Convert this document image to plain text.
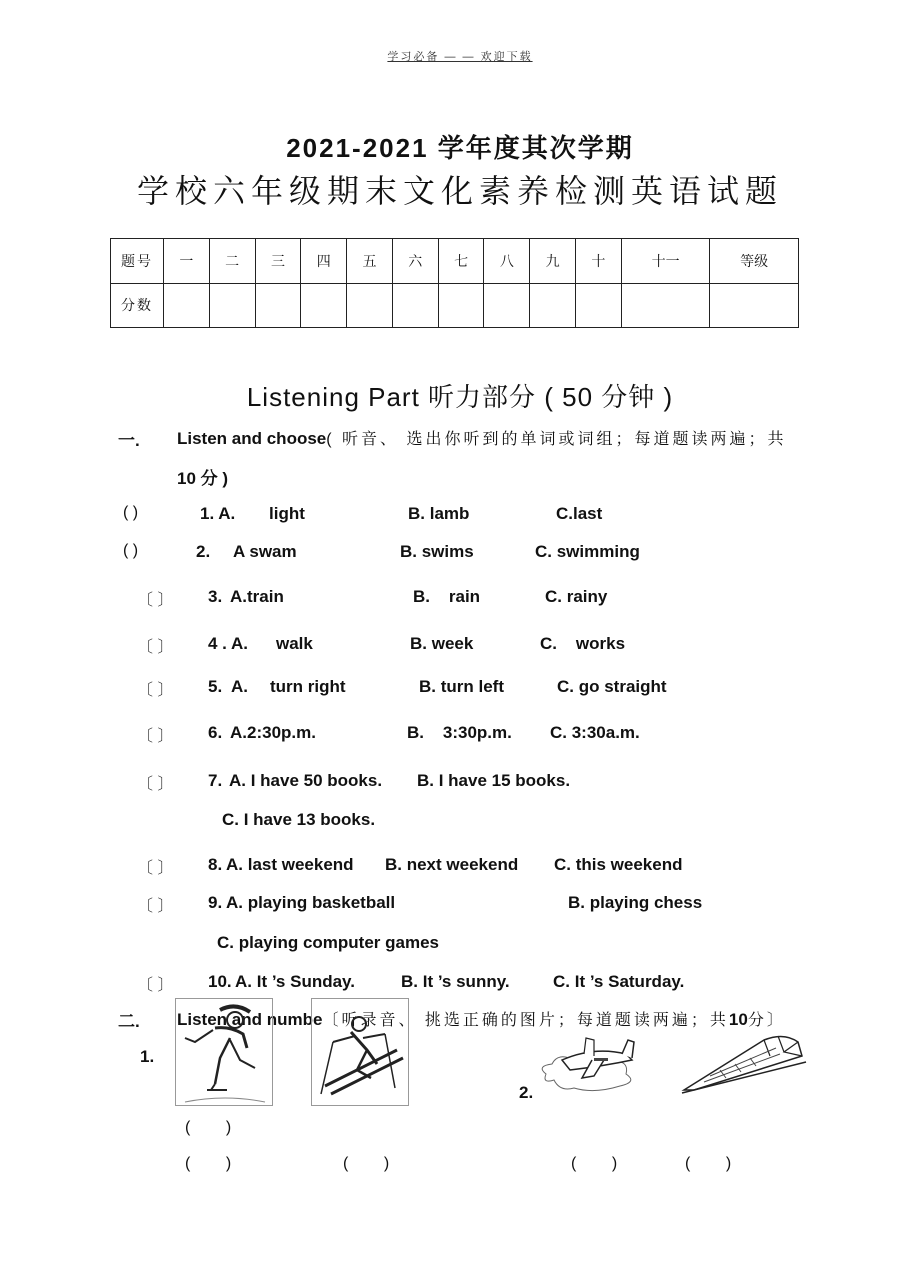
学习必备 — — 欢迎下载
2021-2021 学年度其次学期
学校六年级期末文化素养检测英语试题
题号	一	二	三	四	五	六	七	八	九	十	十一	等级
分数												
Listening Part 听力部分 ( 50 分钟 )
一. Listen and choose( 听音、 选出你听到的单词或词组；每道题读两遍；共
10 分 )
( )	1. A. light	B. lamb	C.last
( )	2. A swam	B. swims	C. swimming
〔 〕 3. A.train	B.    rain	C. rainy
〔 〕 4 . A. walk	B. week	C.    works
〔 〕 5.  A. turn right	B. turn left	C. go straight
〔 〕 6. A.2:30p.m.	B.    3:30p.m. C. 3:30a.m.
〔 〕 7. A. I have 50 books. B. I have 15 books.
C. I have 13 books.
〔 〕 8. A. last weekend B. next weekend C. this weekend
〔 〕 9. A. playing basketball	B. playing chess
C. playing computer games
〔 〕 10. A. It ’s Sunday.	B. It ’s sunny.	C. It ’s Saturday.
二. Listen and numbe〔听录音、 挑选正确的图片；每道题读两遍；共10分〕
1.
2.
(        )
(        )	(        )	(        )	(        )
